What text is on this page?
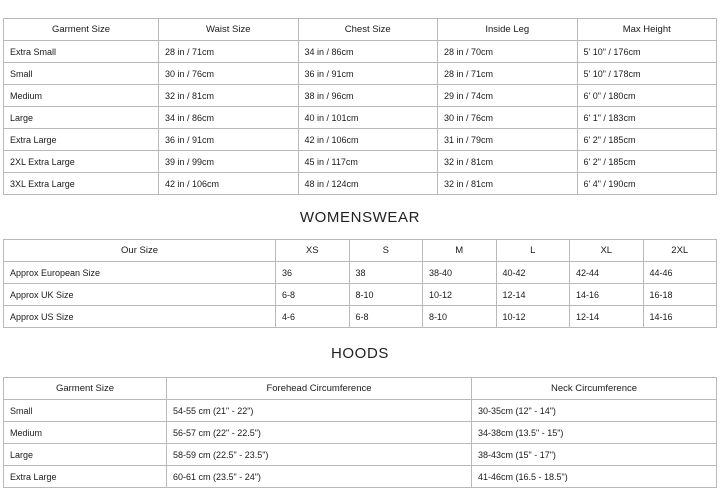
Garment Size	Waist Size	Chest Size	Inside Leg	Max Height
Extra Small	28 in / 71cm	34 in / 86cm	28 in / 70cm	5' 10" / 176cm
Small	30 in / 76cm	36 in / 91cm	28 in / 71cm	5' 10" / 178cm
Medium	32 in / 81cm	38 in / 96cm	29 in / 74cm	6' 0" / 180cm
Large	34 in / 86cm	40 in / 101cm	30 in / 76cm	6' 1" / 183cm
Extra Large	36 in / 91cm	42 in / 106cm	31 in / 79cm	6' 2" / 185cm
2XL Extra Large	39 in / 99cm	45 in / 117cm	32 in / 81cm	6' 2" / 185cm
3XL Extra Large	42 in / 106cm	48 in / 124cm	32 in / 81cm	6' 4" / 190cm
WOMENSWEAR
Our Size	XS	S	M	L	XL	2XL
Approx European Size	36	38	38-40	40-42	42-44	44-46
Approx UK Size	6-8	8-10	10-12	12-14	14-16	16-18
Approx US Size	4-6	6-8	8-10	10-12	12-14	14-16
HOODS
Garment Size	Forehead Circumference	Neck Circumference
Small	54-55 cm (21" - 22")	30-35cm (12" - 14")
Medium	56-57 cm (22" - 22.5")	34-38cm (13.5" - 15")
Large	58-59 cm (22.5" - 23.5")	38-43cm (15" - 17")
Extra Large	60-61 cm (23.5" - 24")	41-46cm (16.5 - 18.5")
